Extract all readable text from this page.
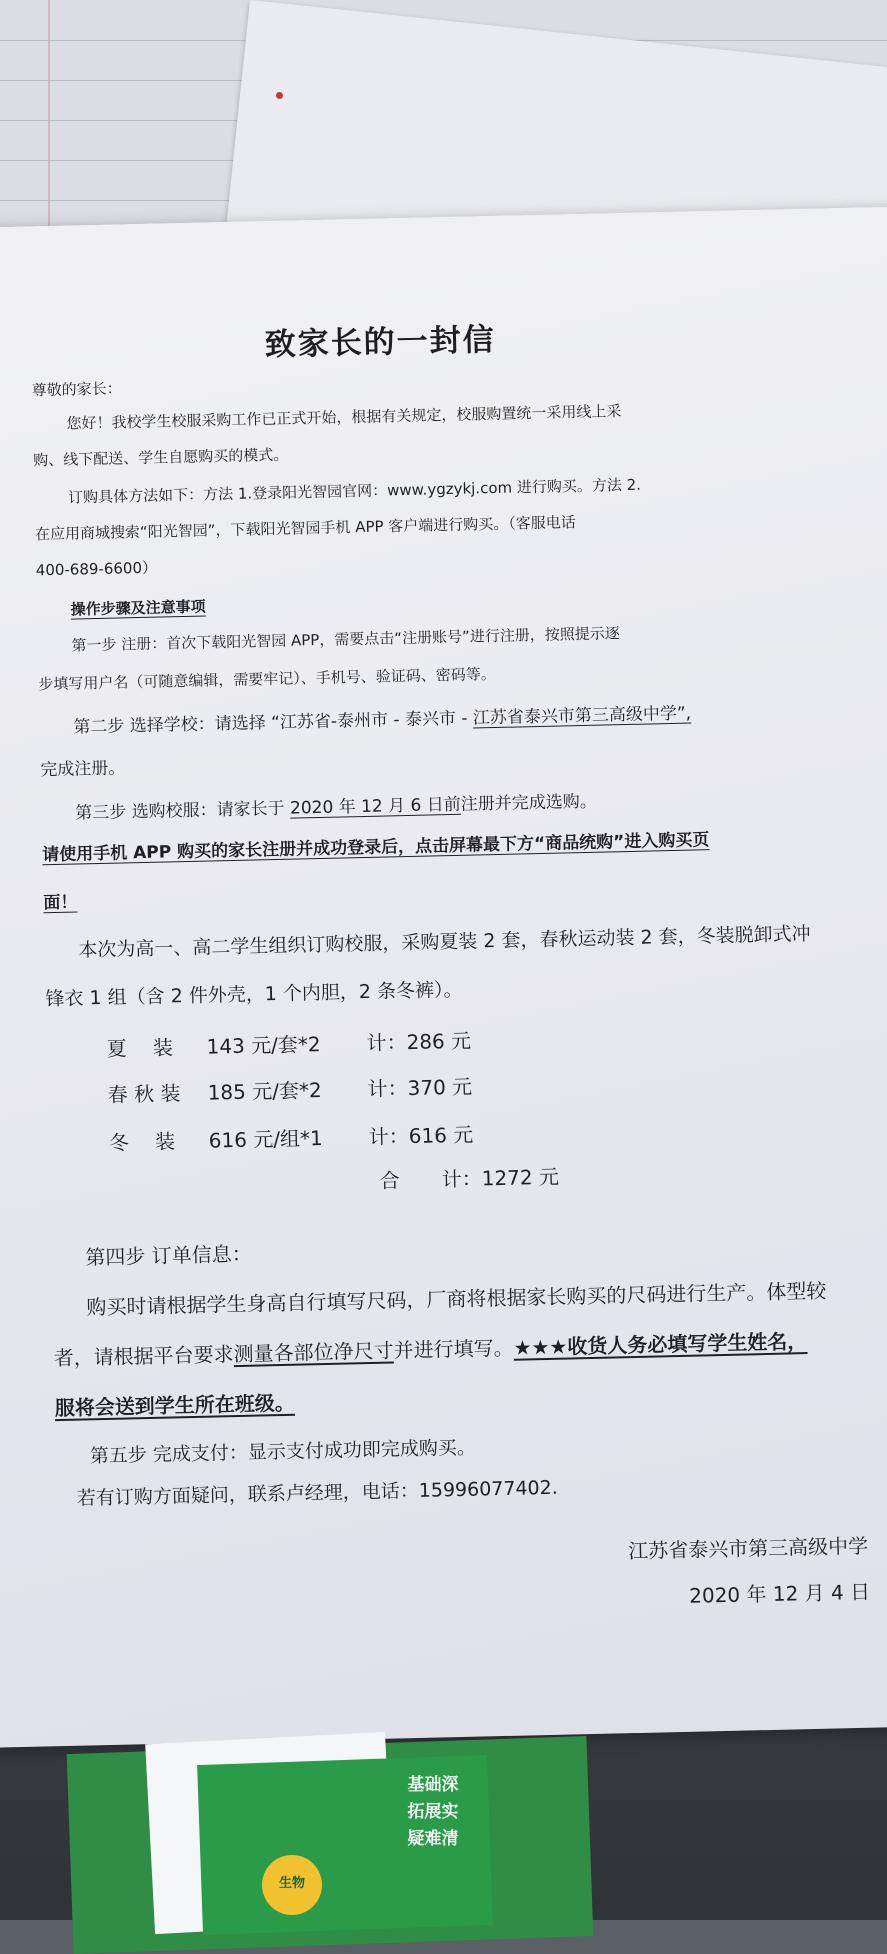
致家长的一封信
尊敬的家长：
您好！我校学生校服采购工作已正式开始，根据有关规定，校服购置统一采用线上采
购、线下配送、学生自愿购买的模式。
订购具体方法如下：方法 1.登录阳光智园官网：www.ygzykj.com 进行购买。方法 2.
在应用商城搜索“阳光智园”，下载阳光智园手机 APP 客户端进行购买。（客服电话
400-689-6600）
操作步骤及注意事项
第一步 注册：首次下载阳光智园 APP，需要点击“注册账号”进行注册，按照提示逐
步填写用户名（可随意编辑，需要牢记）、手机号、验证码、密码等。
第二步 选择学校：请选择 “江苏省-泰州市 - 泰兴市 - 江苏省泰兴市第三高级中学”,
完成注册。
第三步 选购校服：请家长于 2020 年 12 月 6 日前注册并完成选购。
请使用手机 APP 购买的家长注册并成功登录后，点击屏幕最下方“商品统购”进入购买页
面！
本次为高一、高二学生组织订购校服，采购夏装 2 套，春秋运动装 2 套，冬装脱卸式冲
锋衣 1 组（含 2 件外壳，1 个内胆，2 条冬裤）。
夏　 装 143 元/套*2 计：286 元
春 秋 装 185 元/套*2 计：370 元
冬　 装 616 元/组*1 计：616 元
合 计：1272 元
第四步 订单信息：
购买时请根据学生身高自行填写尺码，厂商将根据家长购买的尺码进行生产。体型较
者，请根据平台要求测量各部位净尺寸并进行填写。★★★收货人务必填写学生姓名，
服将会送到学生所在班级。
第五步 完成支付：显示支付成功即完成购买。
若有订购方面疑问，联系卢经理，电话：15996077402.
江苏省泰兴市第三高级中学
2020 年 12 月 4 日
基础深
拓展实
疑难清
生物
